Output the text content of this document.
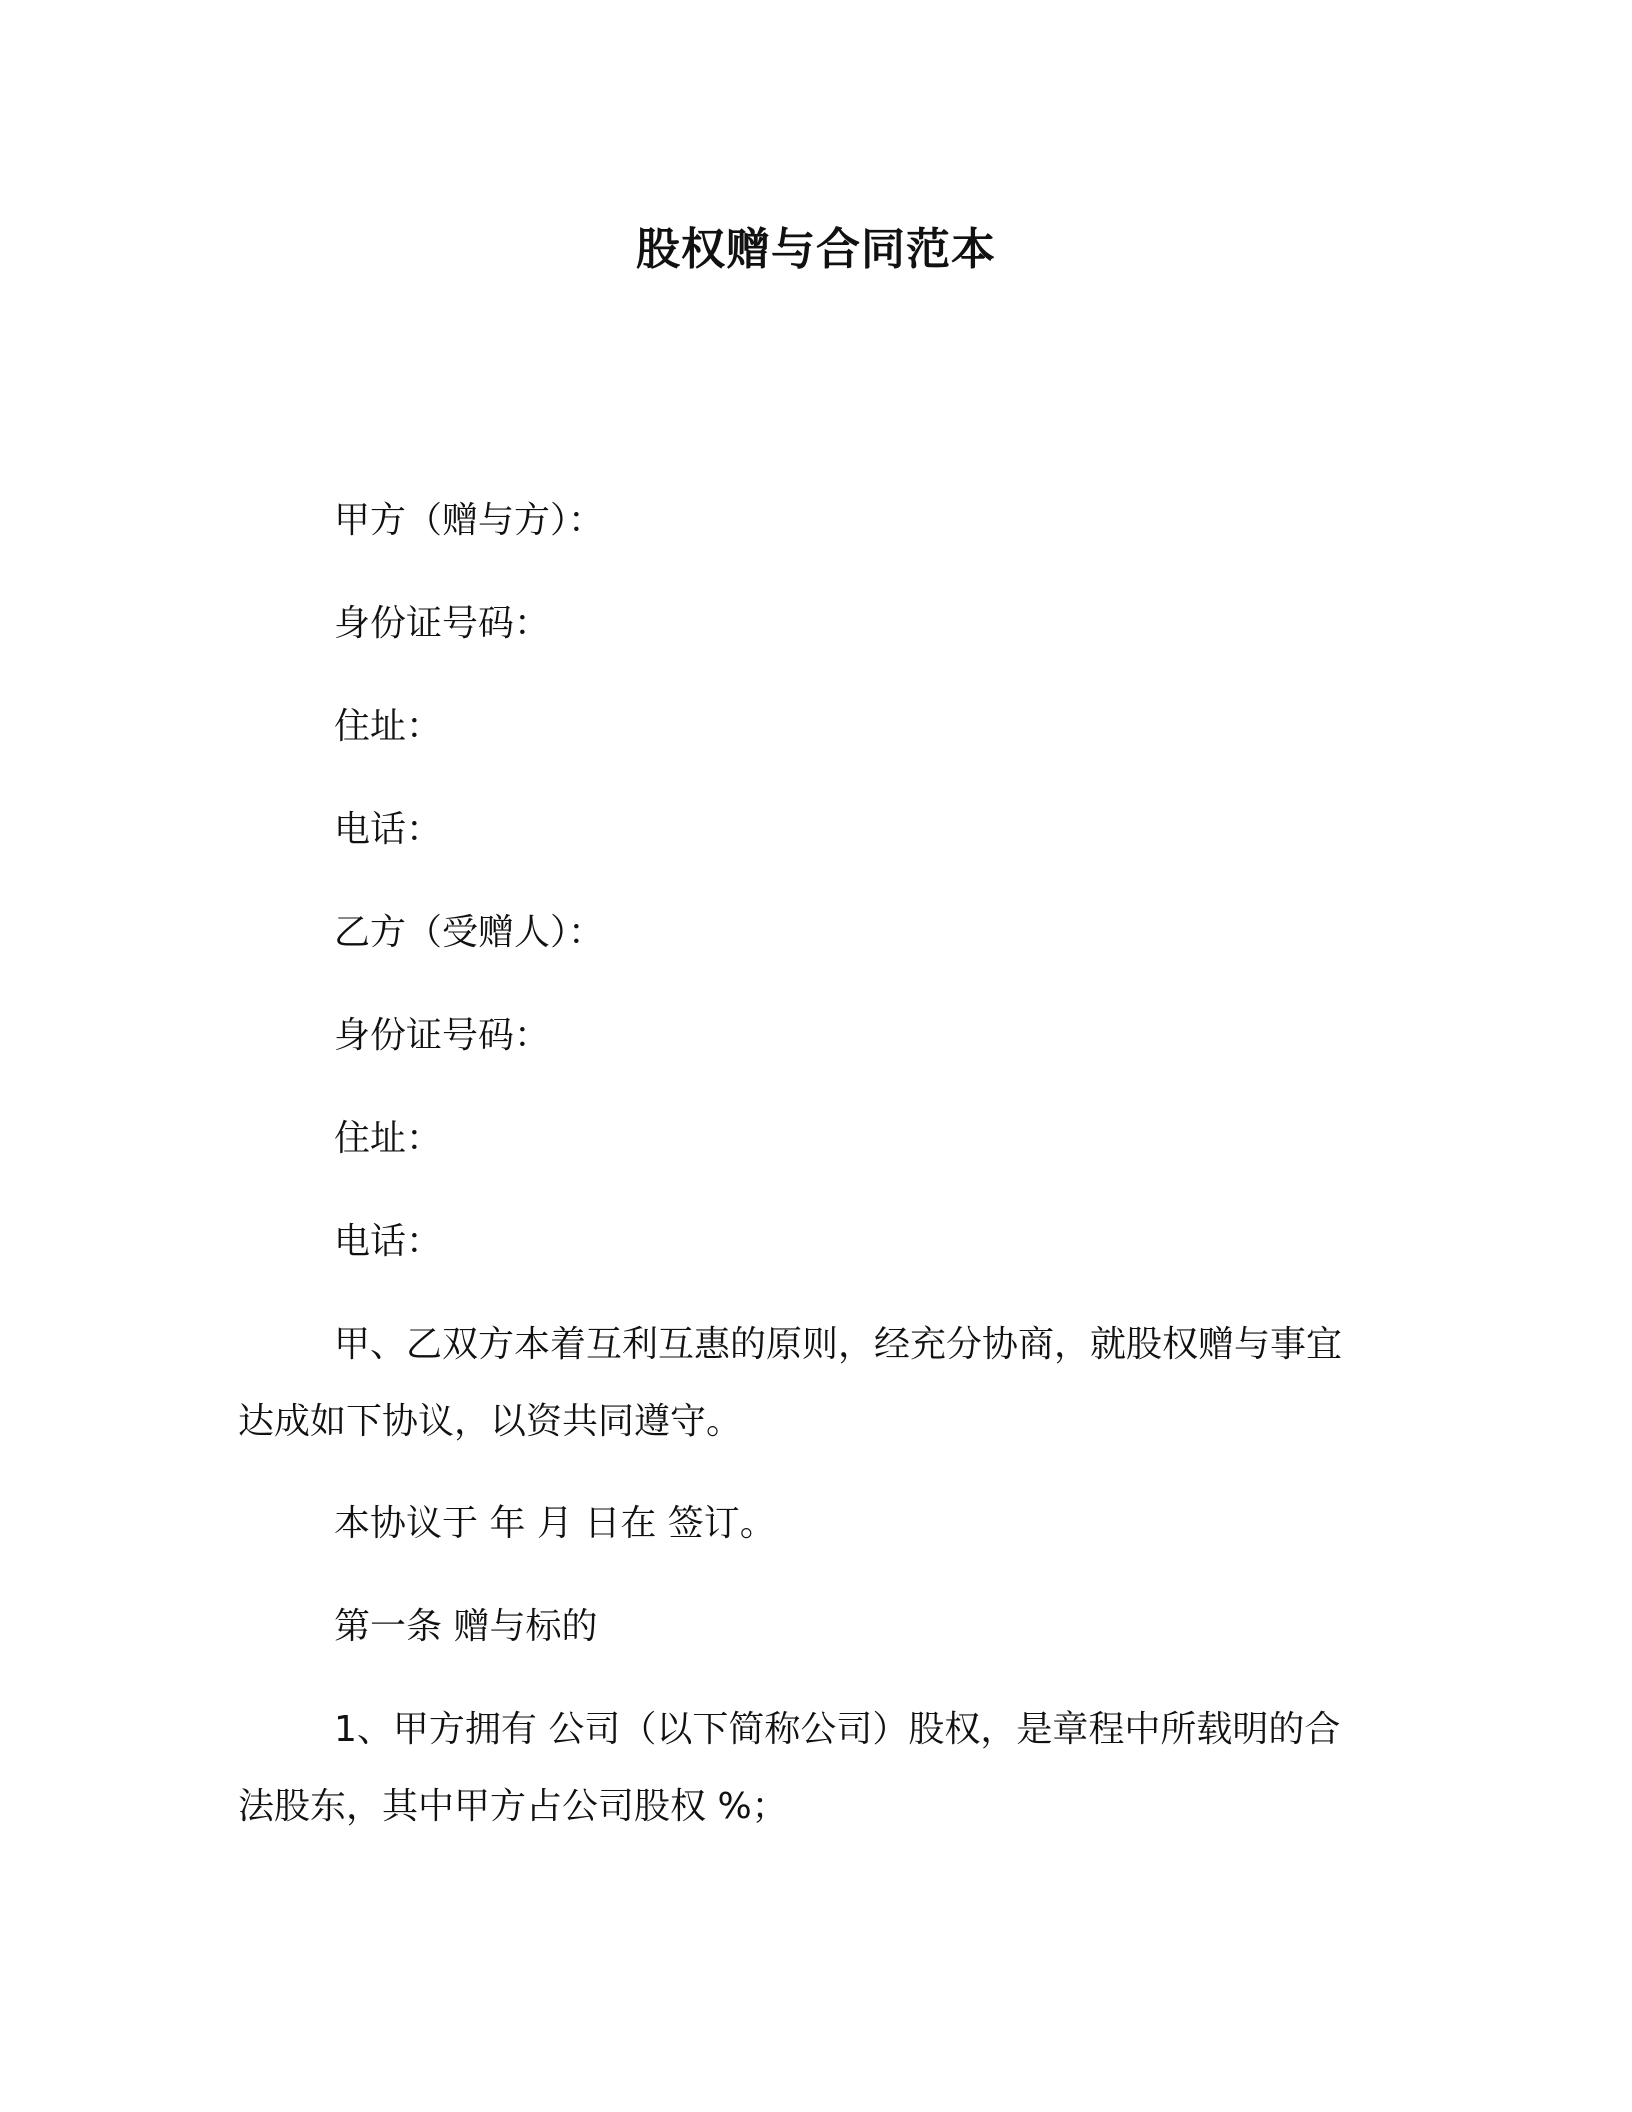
股权赠与合同范本
甲方（赠与方）：
身份证号码：
住址：
电话：
乙方（受赠人）：
身份证号码：
住址：
电话：
甲、乙双方本着互利互惠的原则，经充分协商，就股权赠与事宜
达成如下协议，以资共同遵守。
本协议于 年 月 日在 签订。
第一条 赠与标的
1、甲方拥有 公司（以下简称公司）股权，是章程中所载明的合
法股东，其中甲方占公司股权 %；
